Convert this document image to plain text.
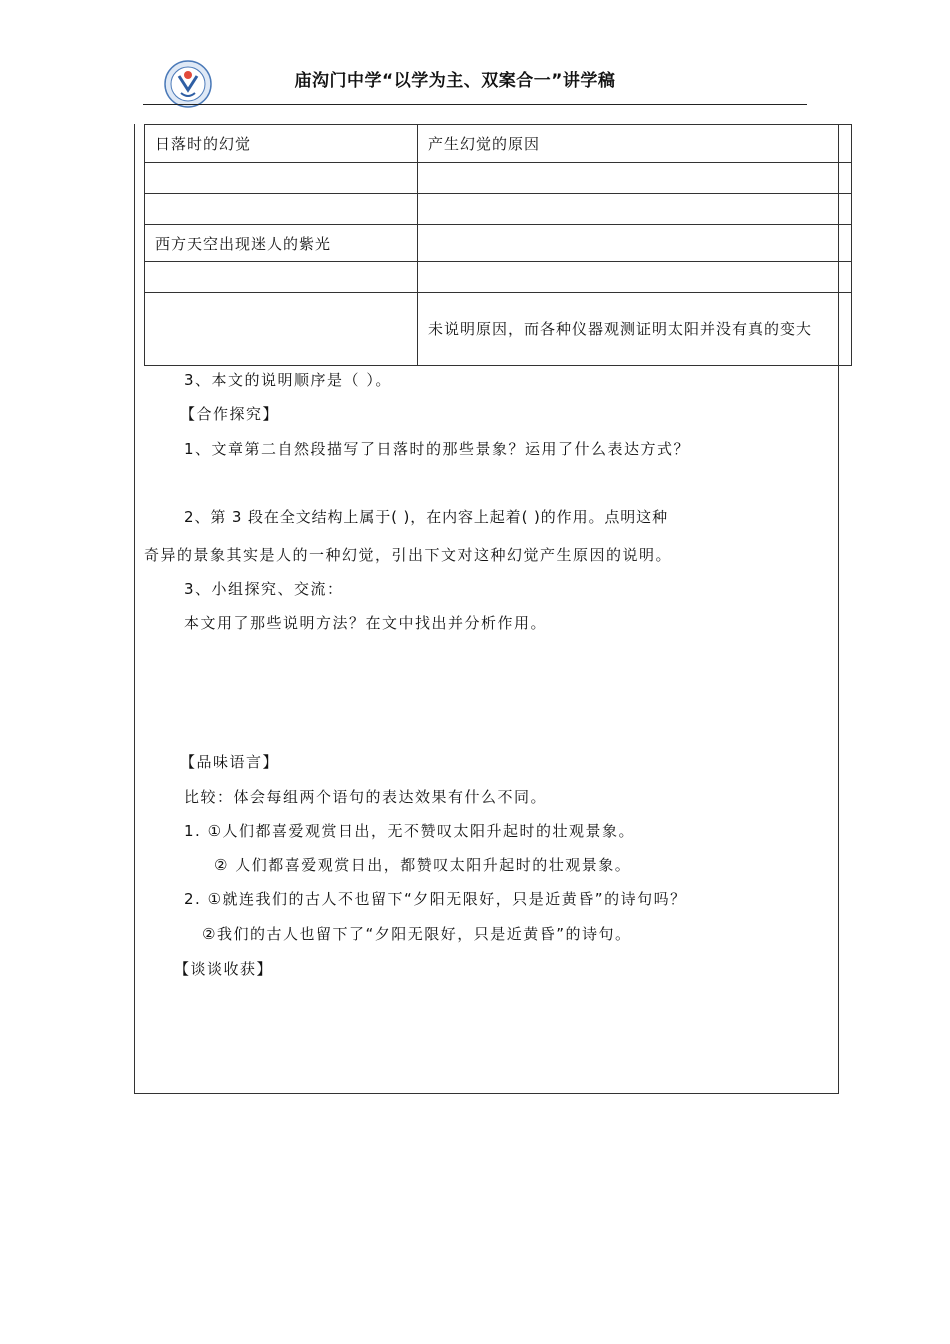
庙沟门中学“以学为主、双案合一”讲学稿
日落时的幻觉	产生幻觉的原因

西方天空出现迷人的紫光	

	未说明原因，而各种仪器观测证明太阳并没有真的变大
3、本文的说明顺序是（ ）。
【合作探究】
1、文章第二自然段描写了日落时的那些景象？运用了什么表达方式？
2、第 3 段在全文结构上属于( )，在内容上起着( )的作用。点明这种
奇异的景象其实是人的一种幻觉，引出下文对这种幻觉产生原因的说明。
3、小组探究、交流：
本文用了那些说明方法？在文中找出并分析作用。
【品味语言】
比较：体会每组两个语句的表达效果有什么不同。
1. ①人们都喜爱观赏日出，无不赞叹太阳升起时的壮观景象。
② 人们都喜爱观赏日出，都赞叹太阳升起时的壮观景象。
2. ①就连我们的古人不也留下“夕阳无限好，只是近黄昏”的诗句吗？
②我们的古人也留下了“夕阳无限好，只是近黄昏”的诗句。
【谈谈收获】
